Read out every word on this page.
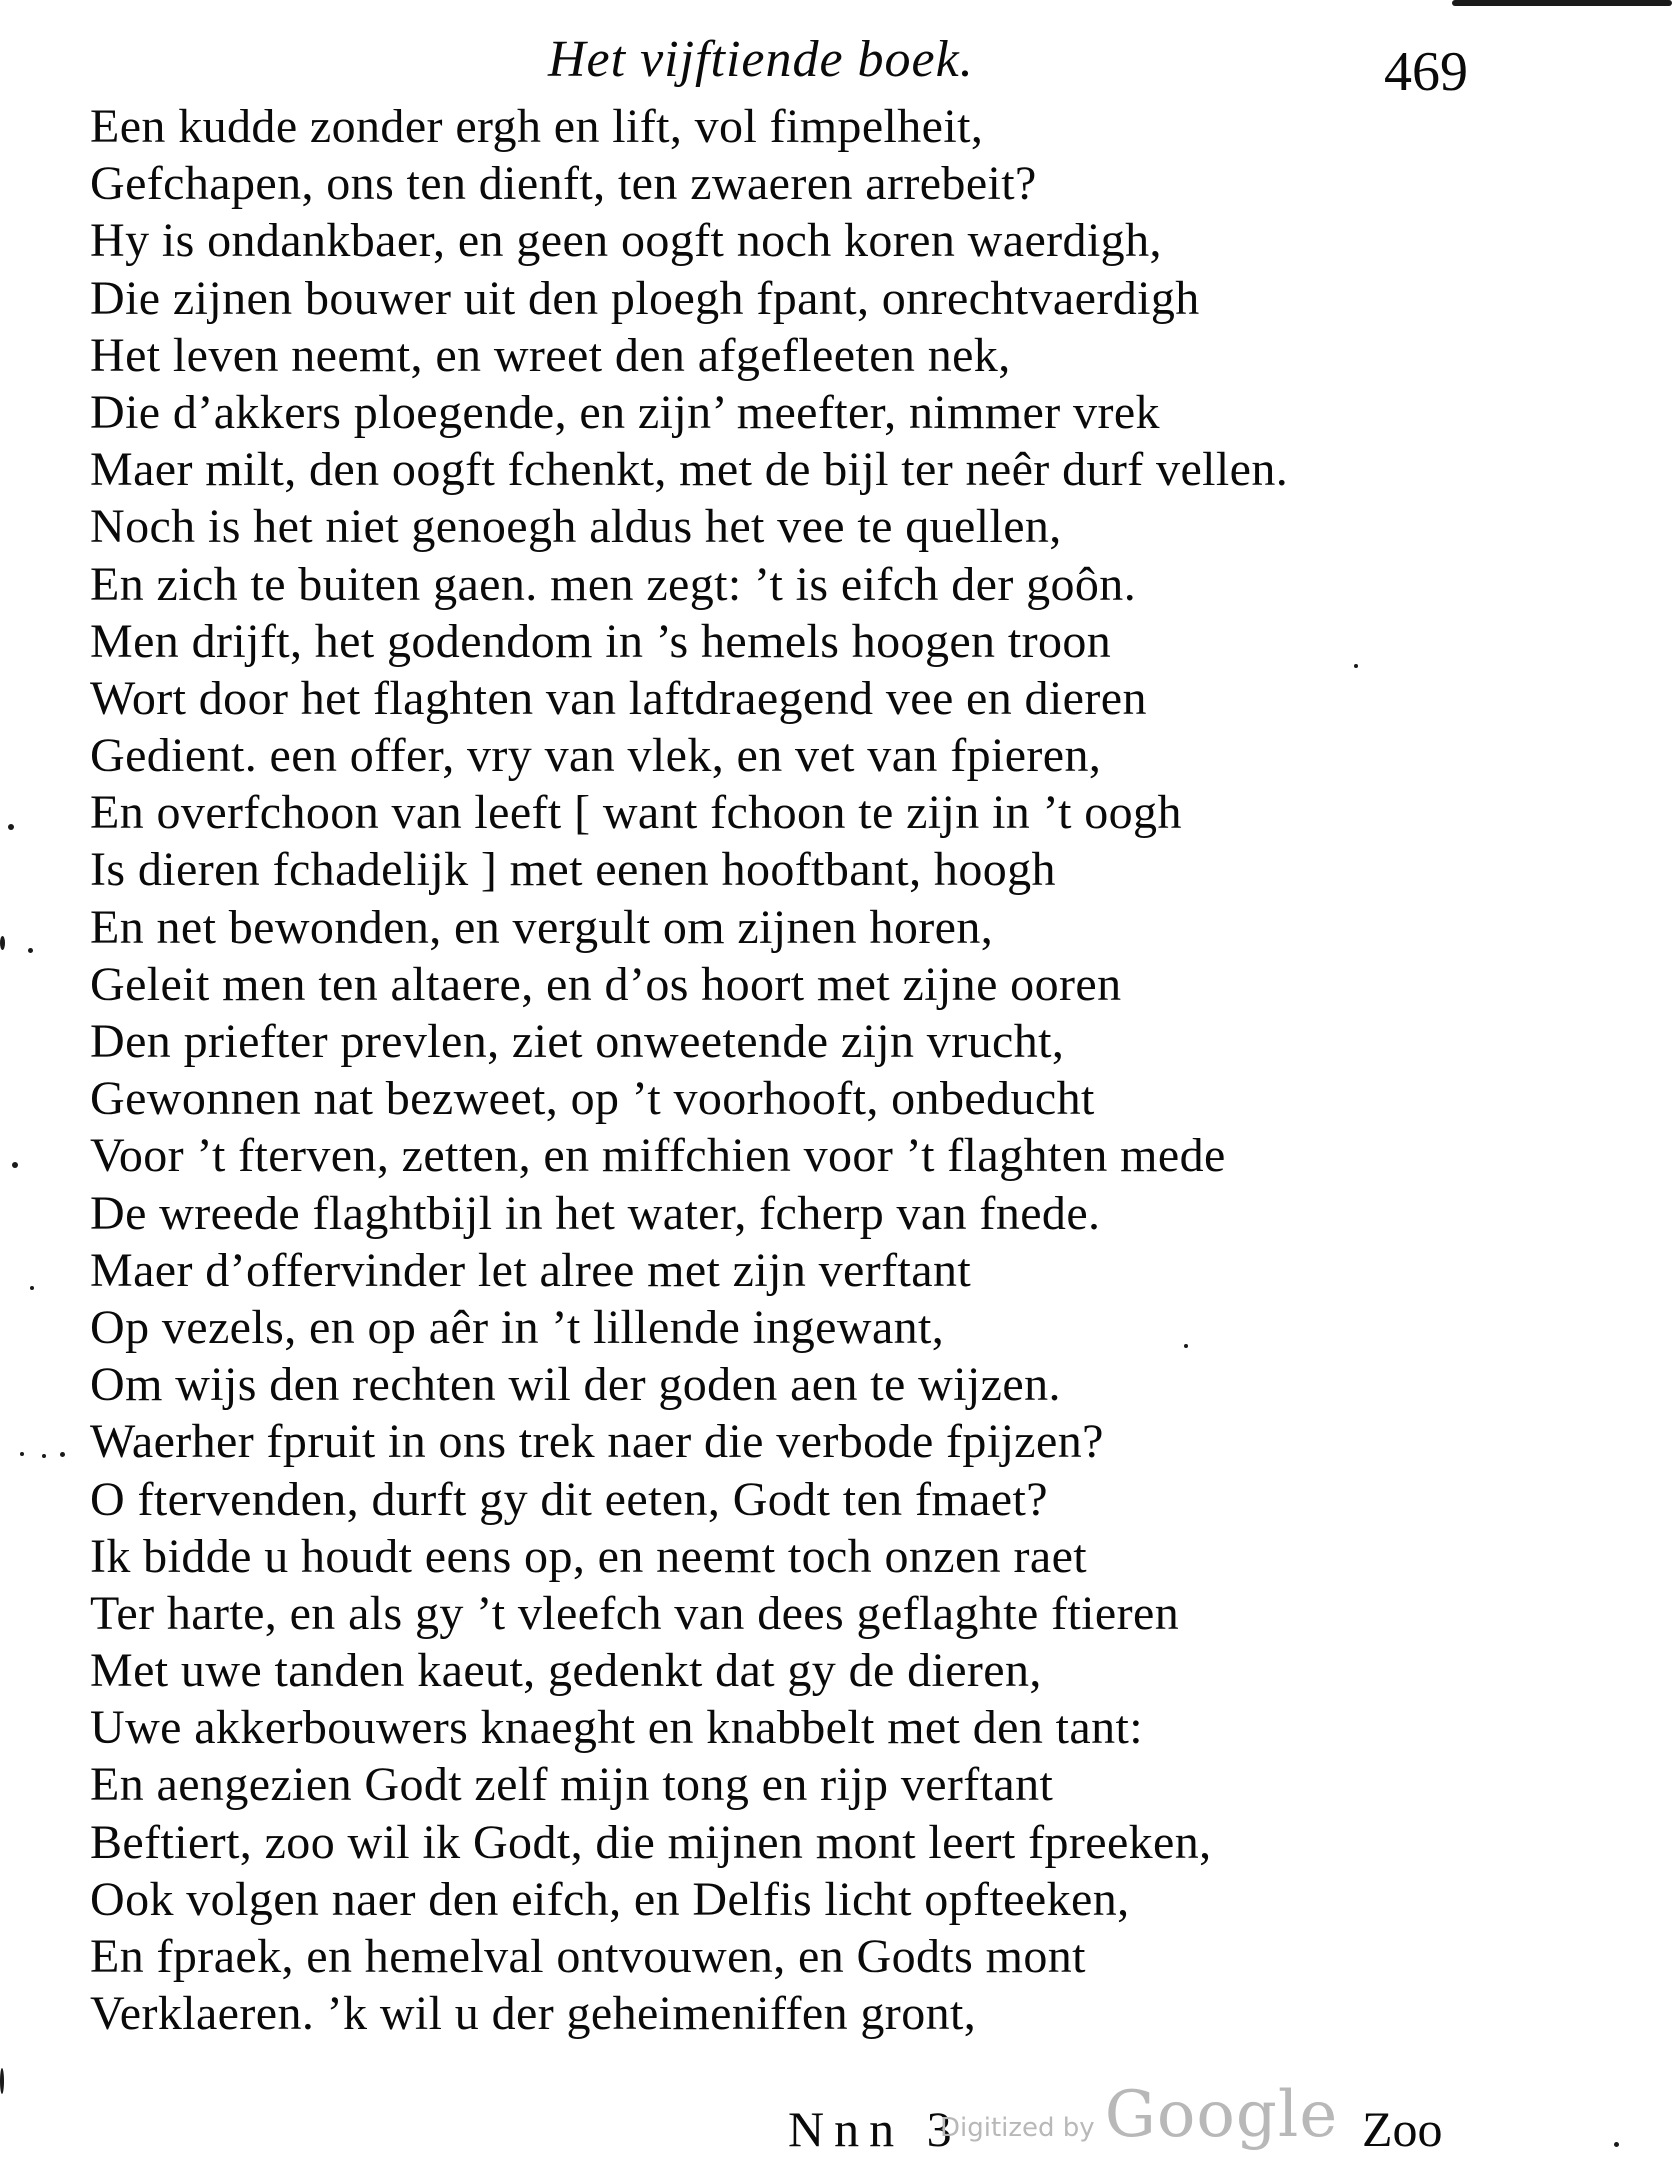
Het vijftiende boek.	469
Een kudde zonder ergh en lift, vol fimpelheit,
Gefchapen, ons ten dienft, ten zwaeren arrebeit?
Hy is ondankbaer, en geen oogft noch koren waerdigh,
Die zijnen bouwer uit den ploegh fpant, onrechtvaerdigh
Het leven neemt, en wreet den afgefleeten nek,
Die d’akkers ploegende, en zijn’ meefter, nimmer vrek
Maer milt, den oogft fchenkt, met de bijl ter neêr durf vellen.
Noch is het niet genoegh aldus het vee te quellen,
En zich te buiten gaen. men zegt: ’t is eifch der goôn.
Men drijft, het godendom in ’s hemels hoogen troon
Wort door het flaghten van laftdraegend vee en dieren
Gedient. een offer, vry van vlek, en vet van fpieren,
En overfchoon van leeft [ want fchoon te zijn in ’t oogh
Is dieren fchadelijk ] met eenen hooftbant, hoogh
En net bewonden, en vergult om zijnen horen,
Geleit men ten altaere, en d’os hoort met zijne ooren
Den priefter prevlen, ziet onweetende zijn vrucht,
Gewonnen nat bezweet, op ’t voorhooft, onbeducht
Voor ’t fterven, zetten, en miffchien voor ’t flaghten mede
De wreede flaghtbijl in het water, fcherp van fnede.
Maer d’offervinder let alree met zijn verftant
Op vezels, en op aêr in ’t lillende ingewant,
Om wijs den rechten wil der goden aen te wijzen.
Waerher fpruit in ons trek naer die verbode fpijzen?
O ftervenden, durft gy dit eeten, Godt ten fmaet?
Ik bidde u houdt eens op, en neemt toch onzen raet
Ter harte, en als gy ’t vleefch van dees geflaghte ftieren
Met uwe tanden kaeut, gedenkt dat gy de dieren,
Uwe akkerbouwers knaeght en knabbelt met den tant:
En aengezien Godt zelf mijn tong en rijp verftant
Beftiert, zoo wil ik Godt, die mijnen mont leert fpreeken,
Ook volgen naer den eifch, en Delfis licht opfteeken,
En fpraek, en hemelval ontvouwen, en Godts mont
Verklaeren. ’k wil u der geheimeniffen gront,
Nnn 3
Digitized by Google Zoo
